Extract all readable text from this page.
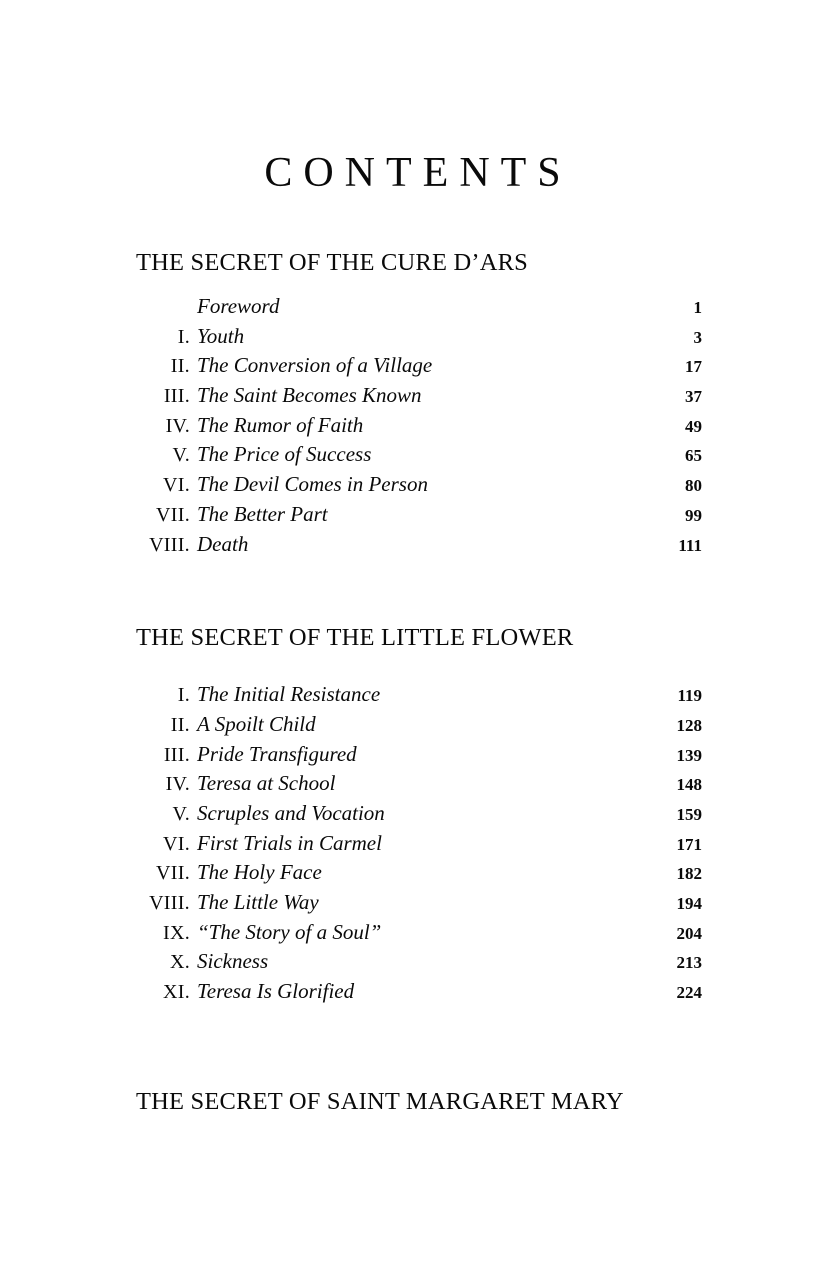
CONTENTS
THE SECRET OF THE CURE D’ARS
Foreword	1
I. Youth	3
II. The Conversion of a Village	17
III. The Saint Becomes Known	37
IV. The Rumor of Faith	49
V. The Price of Success	65
VI. The Devil Comes in Person	80
VII. The Better Part	99
VIII. Death	111
THE SECRET OF THE LITTLE FLOWER
I. The Initial Resistance	119
II. A Spoilt Child	128
III. Pride Transfigured	139
IV. Teresa at School	148
V. Scruples and Vocation	159
VI. First Trials in Carmel	171
VII. The Holy Face	182
VIII. The Little Way	194
IX. “The Story of a Soul”	204
X. Sickness	213
XI. Teresa Is Glorified	224
THE SECRET OF SAINT MARGARET MARY
